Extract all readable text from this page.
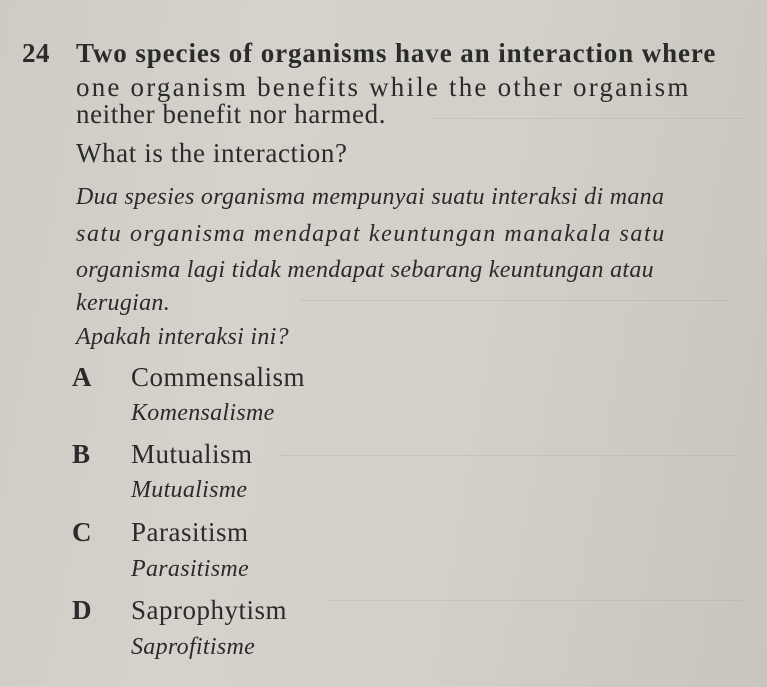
24 Two species of organisms have an interaction where
one organism benefits while the other organism
neither benefit nor harmed.
What is the interaction?
Dua spesies organisma mempunyai suatu interaksi di mana
satu organisma mendapat keuntungan manakala satu
organisma lagi tidak mendapat sebarang keuntungan atau
kerugian.
Apakah interaksi ini?
A Commensalism
Komensalisme
B Mutualism
Mutualisme
C Parasitism
Parasitisme
D Saprophytism
Saprofitisme
